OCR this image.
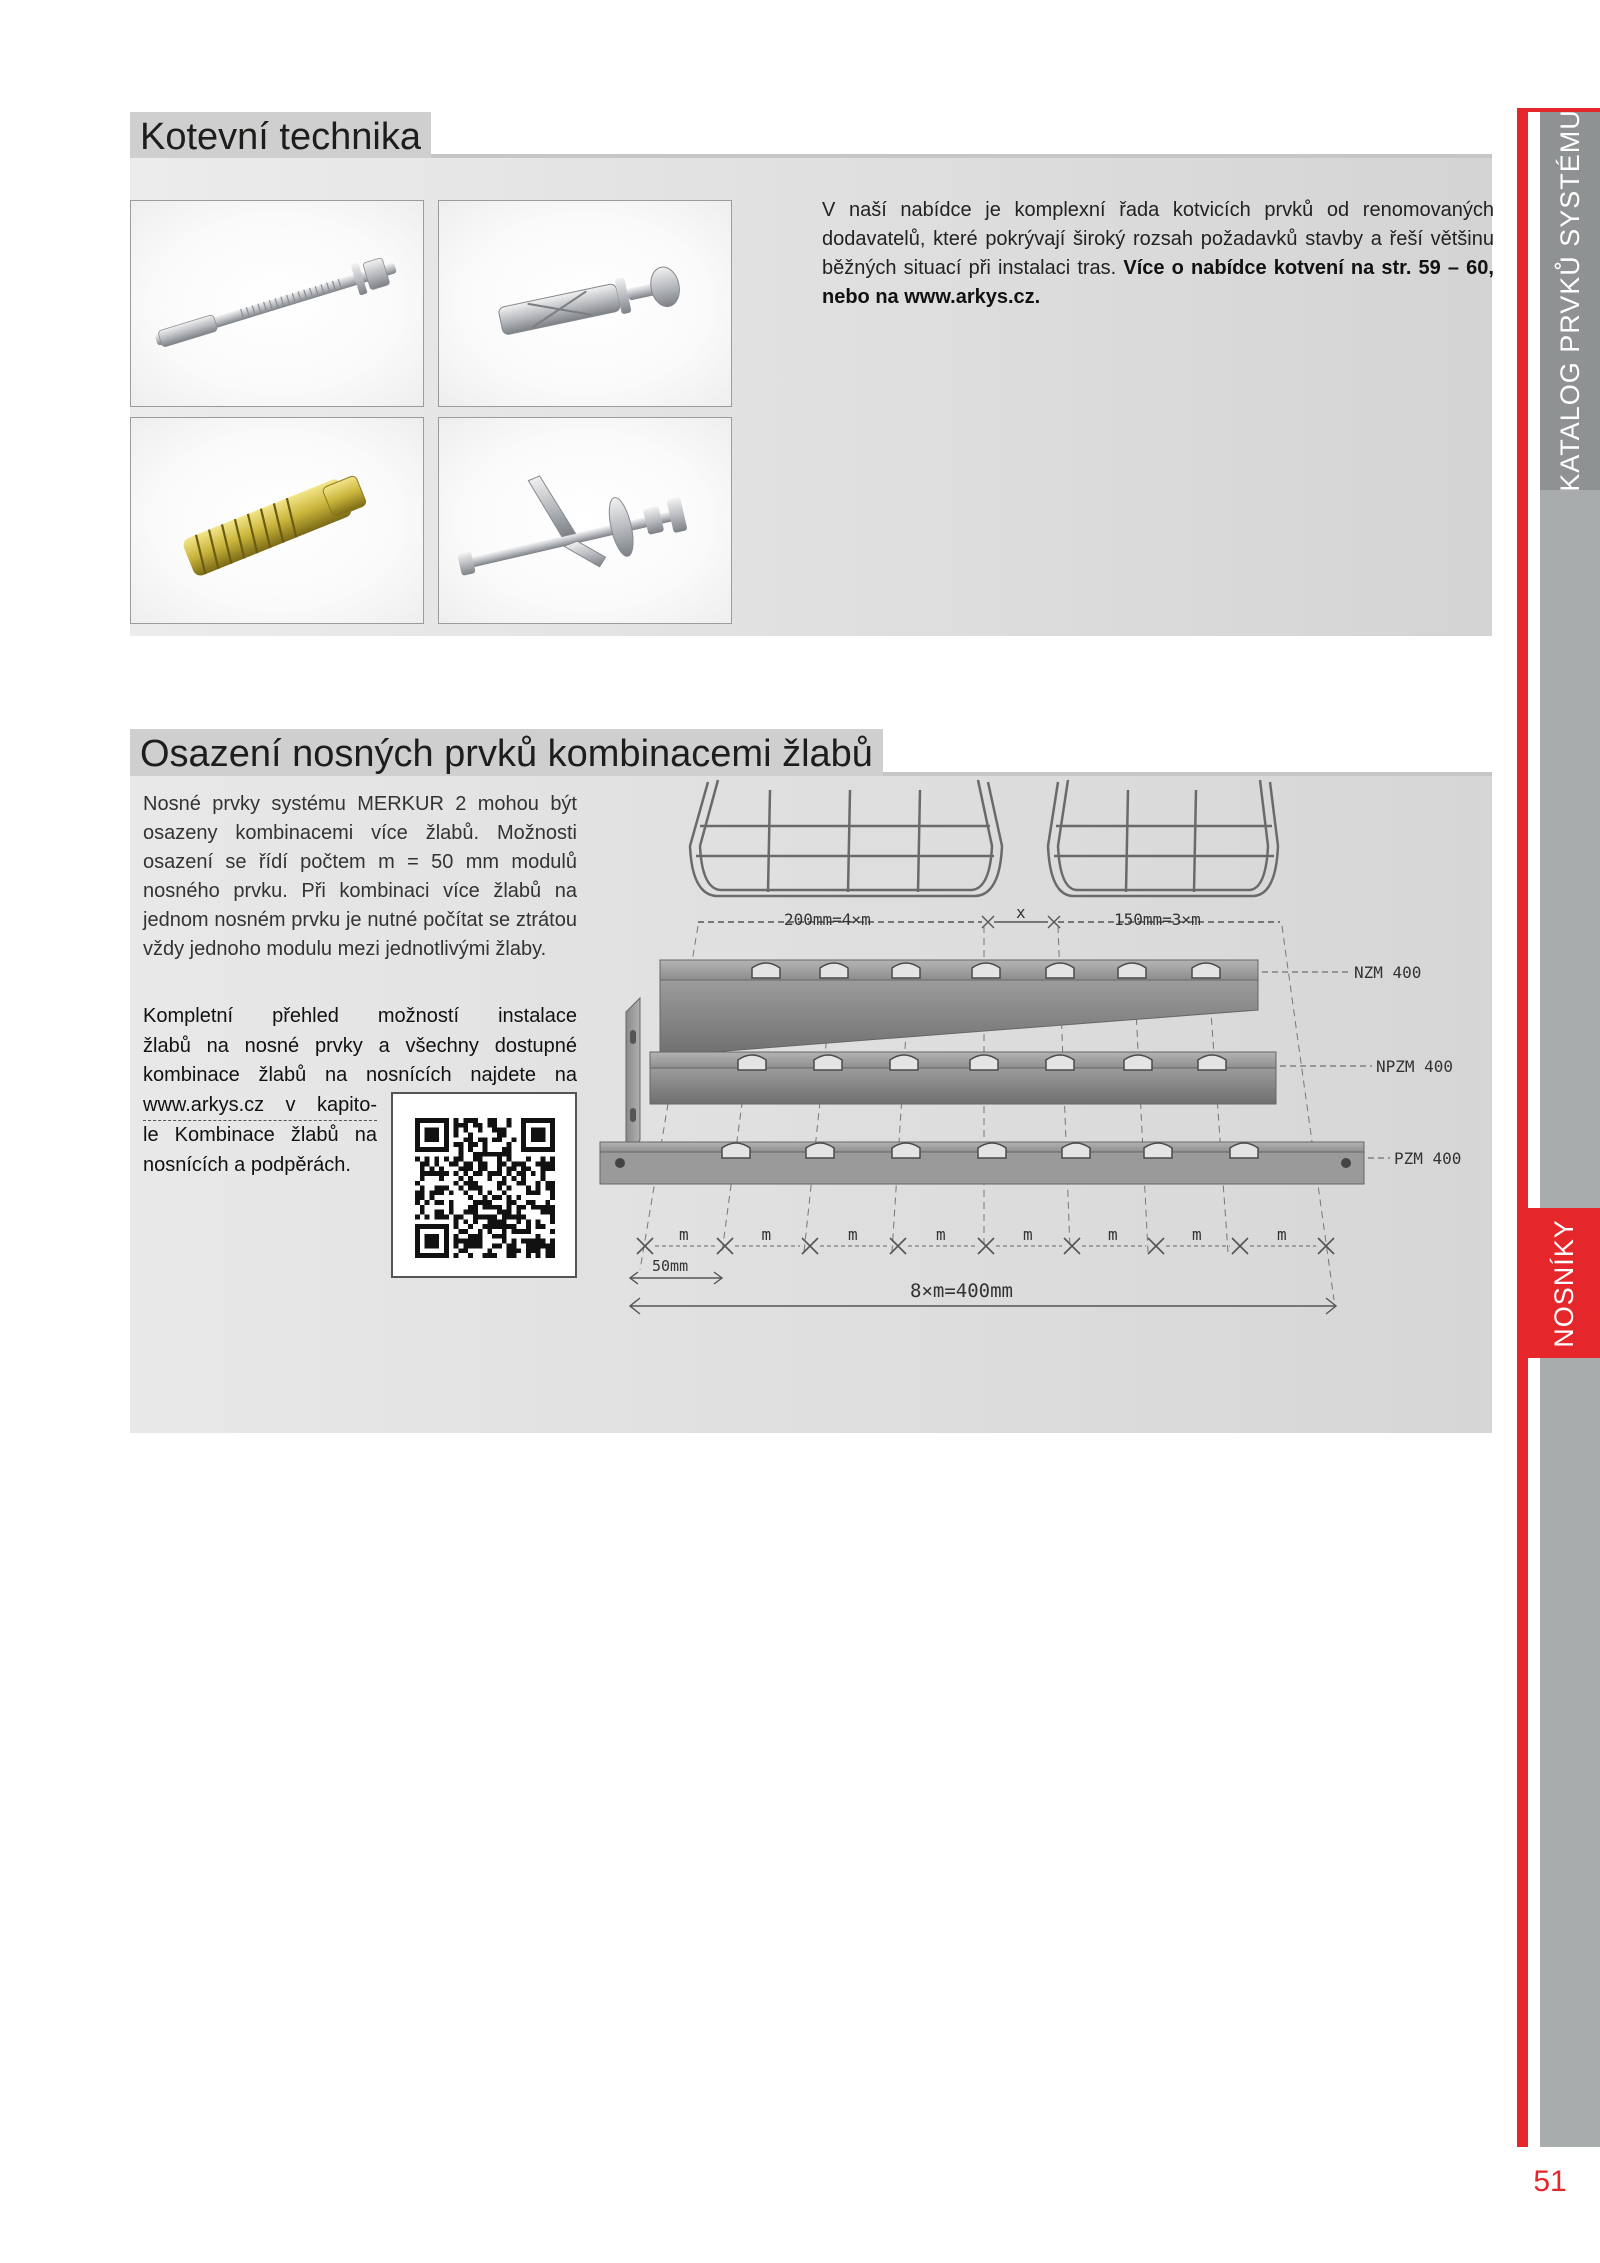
KATALOG PRVKŮ SYSTÉMU
NOSNÍKY
51
Kotevní technika
V naší nabídce je komplexní řada kotvicích prvků od renomovaných dodavatelů, které pokrývají široký rozsah požadavků stavby a řeší většinu běžných situací při instalaci tras. Více o nabídce kotvení na str. 59 – 60, nebo na www.arkys.cz.
Osazení nosných prvků kombinacemi žlabů
Nosné prvky systému MERKUR 2 mohou být osazeny kombinacemi více žlabů. Možnosti osazení se řídí počtem m = 50 mm modulů nosného prvku. Při kombinaci více žlabů na jednom nosném prvku je nutné počítat se ztrátou vždy jednoho modulu mezi jednotlivými žlaby.
Kompletní přehled možností instalace
žlabů na nosné prvky a všechny dostupné
kombinace žlabů na nosnících najdete na
www.arkys.cz v kapito-
le Kombinace žlabů na
nosnících a podpěrách.
200mm=4×m	x	150mm=3×m
NZM 400
NPZM 400
PZM 400
m	m	m	m	m	m	m	m
50mm
8×m=400mm
